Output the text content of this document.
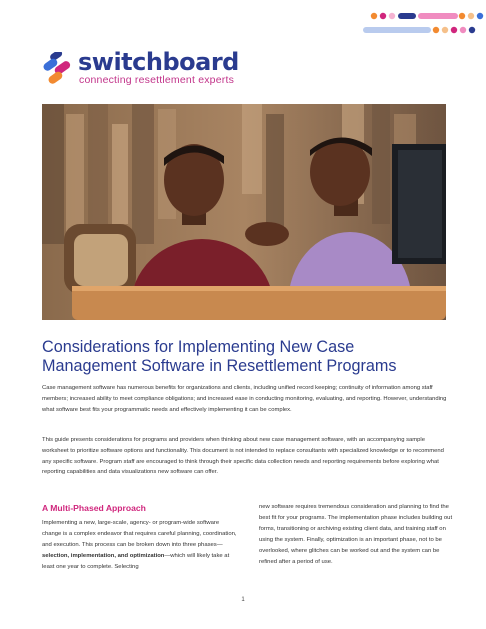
switchboard
connecting resettlement experts
Considerations for Implementing New Case Management Software in Resettlement Programs

Case management software has numerous benefits for organizations and clients, including unified record keeping; continuity of information among staff members; increased ability to meet compliance obligations; and increased ease in conducting monitoring, evaluating, and reporting. However, understanding what software best fits your programmatic needs and effectively implementing it can be complex.

This guide presents considerations for programs and providers when thinking about new case management software, with an accompanying sample worksheet to prioritize software options and functionality. This document is not intended to replace consultants with specialized knowledge or to recommend any specific software. Program staff are encouraged to think through their specific data collection needs and reporting requirements before exploring what reporting capabilities and data visualizations new software can offer.

A Multi-Phased Approach

Implementing a new, large-scale, agency- or program-wide software change is a complex endeavor that requires careful planning, coordination, and execution. This process can be broken down into three phases—selection, implementation, and optimization—which will likely take at least one year to complete. Selecting

new software requires tremendous consideration and planning to find the best fit for your programs. The implementation phase includes building out forms, transitioning or archiving existing client data, and training staff on using the system. Finally, optimization is an important phase, not to be overlooked, where glitches can be worked out and the system can be refined after a period of use.

1
